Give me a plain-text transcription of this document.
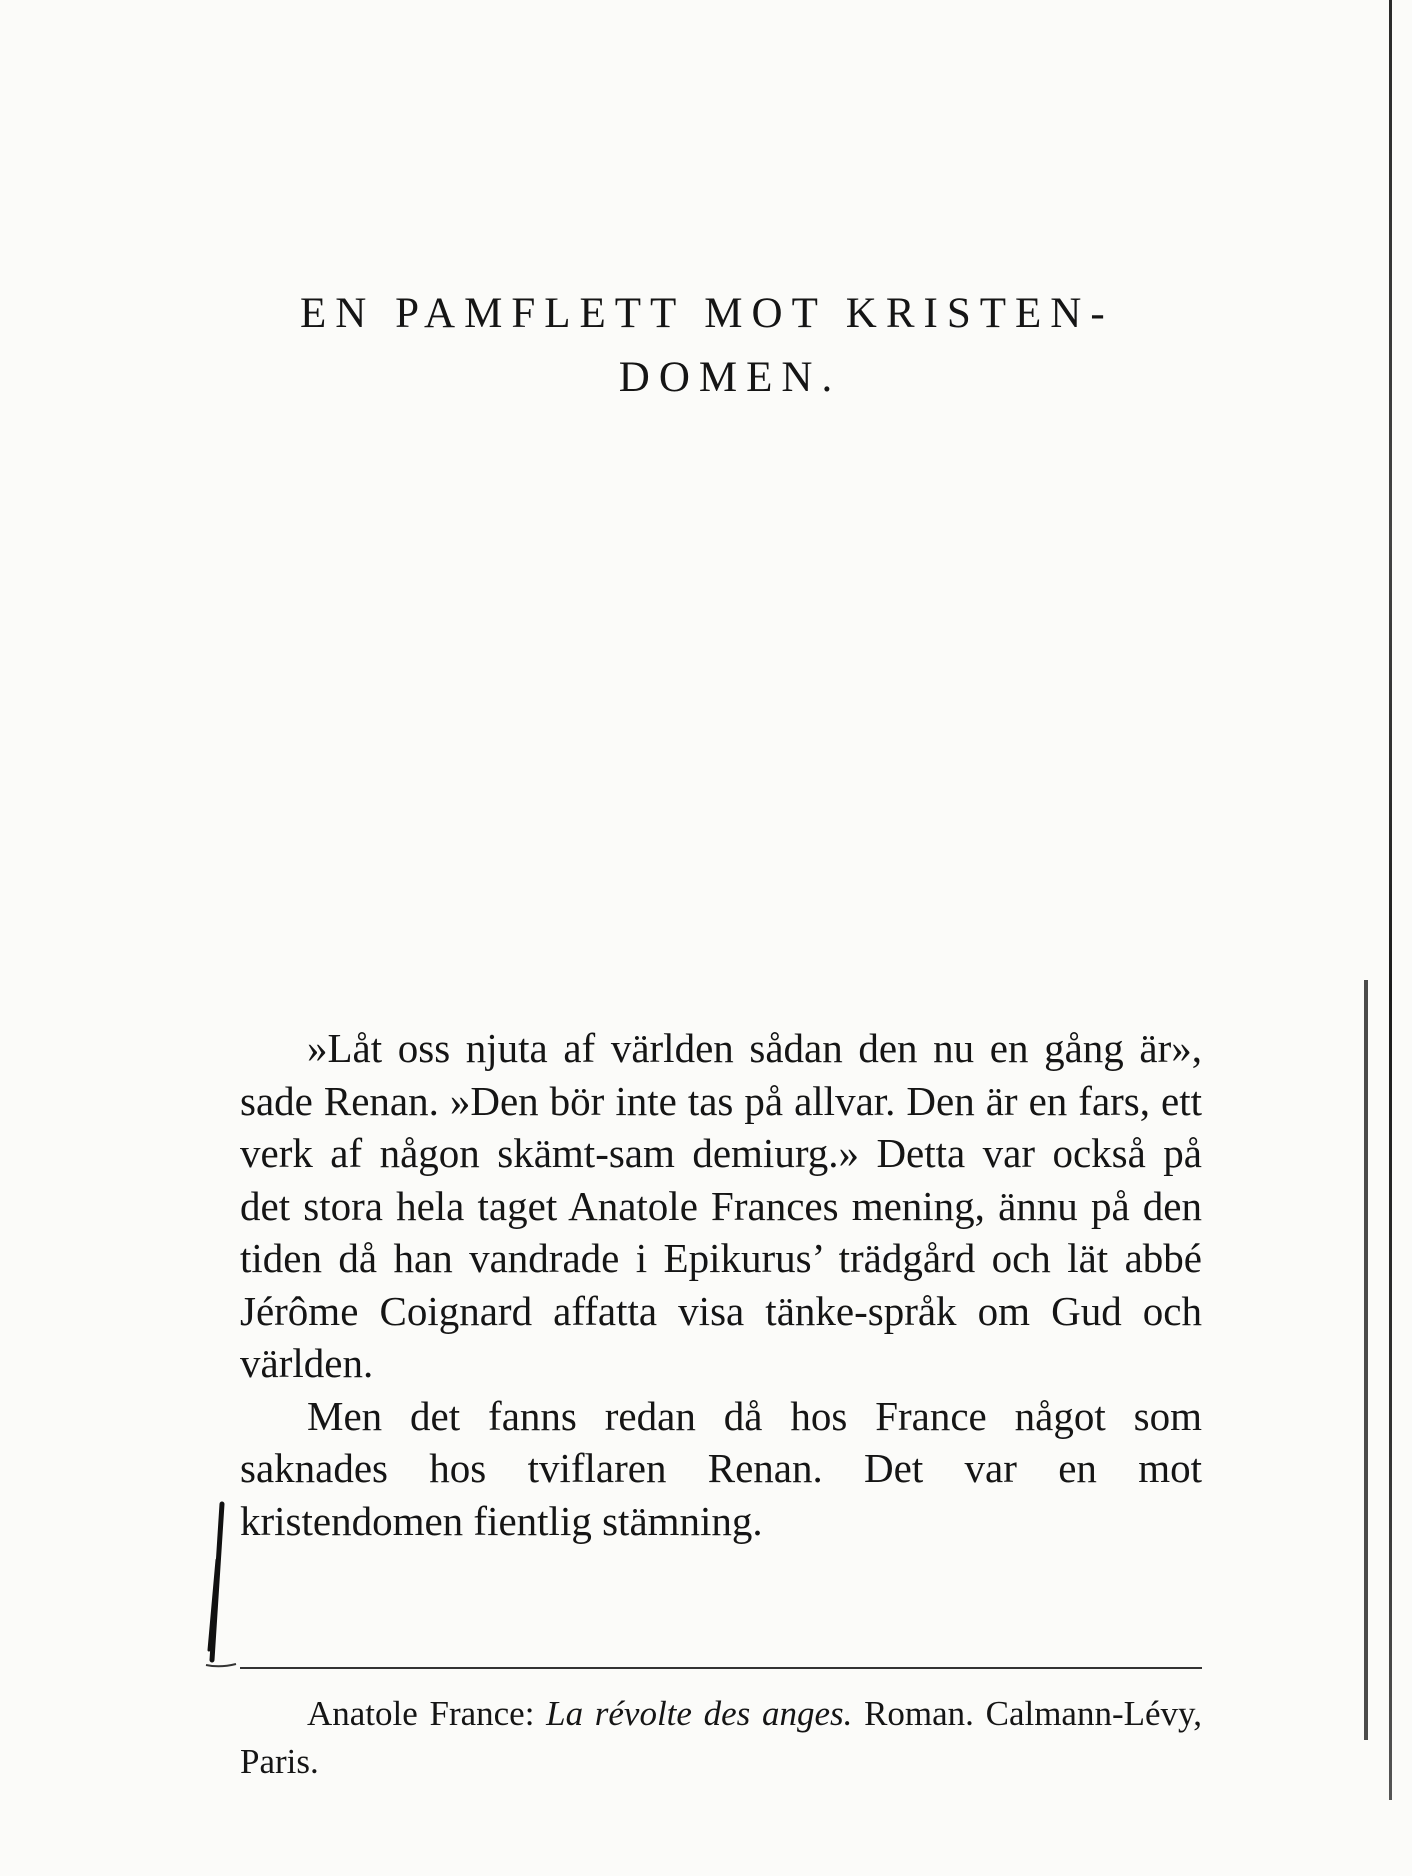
EN PAMFLETT MOT KRISTEN-
DOMEN.

»Låt oss njuta af världen sådan den nu en gång är», sade Renan. »Den bör inte tas på allvar. Den är en fars, ett verk af någon skämt-sam demiurg.» Detta var också på det stora hela taget Anatole Frances mening, ännu på den tiden då han vandrade i Epikurus’ trädgård och lät abbé Jérôme Coignard affatta visa tänke-språk om Gud och världen.

Men det fanns redan då hos France något som saknades hos tviflaren Renan. Det var en mot kristendomen fientlig stämning.

Anatole France: La révolte des anges. Roman. Calmann-Lévy, Paris.
